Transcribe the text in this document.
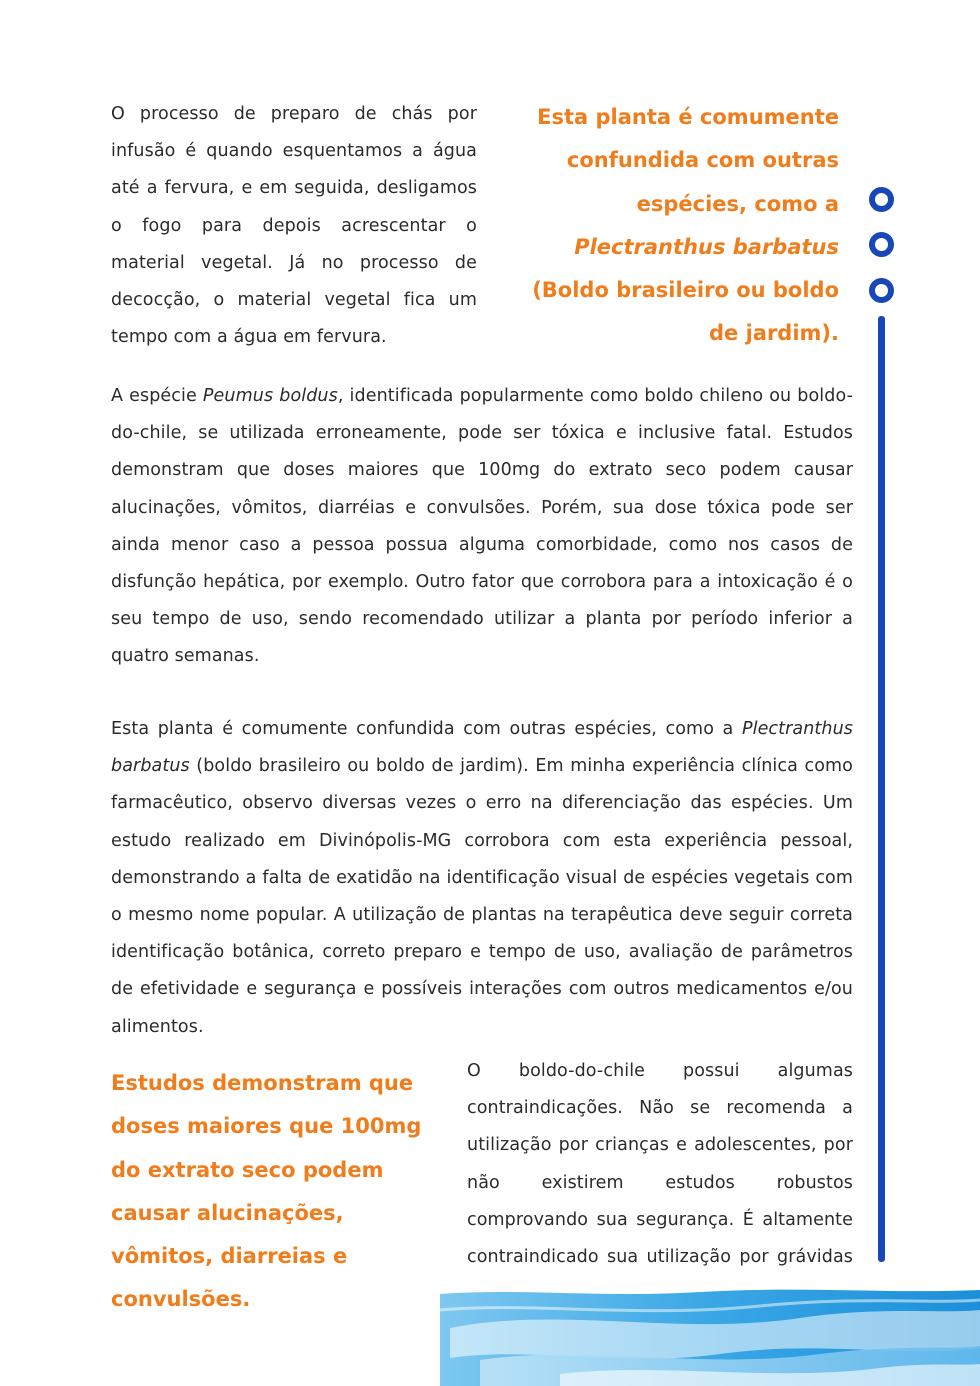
O processo de preparo de chás por infusão é quando esquentamos a água até a fervura, e em seguida, desligamos o fogo para depois acrescentar o material vegetal. Já no processo de decocção, o material vegetal fica um tempo com a água em fervura.

Esta planta é comumente confundida com outras espécies, como a Plectranthus barbatus (Boldo brasileiro ou boldo de jardim).

A espécie Peumus boldus, identificada popularmente como boldo chileno ou boldo-do-chile, se utilizada erroneamente, pode ser tóxica e inclusive fatal. Estudos demonstram que doses maiores que 100mg do extrato seco podem causar alucinações, vômitos, diarréias e convulsões. Porém, sua dose tóxica pode ser ainda menor caso a pessoa possua alguma comorbidade, como nos casos de disfunção hepática, por exemplo. Outro fator que corrobora para a intoxicação é o seu tempo de uso, sendo recomendado utilizar a planta por período inferior a quatro semanas.

Esta planta é comumente confundida com outras espécies, como a Plectranthus barbatus (boldo brasileiro ou boldo de jardim). Em minha experiência clínica como farmacêutico, observo diversas vezes o erro na diferenciação das espécies. Um estudo realizado em Divinópolis-MG corrobora com esta experiência pessoal, demonstrando a falta de exatidão na identificação visual de espécies vegetais com o mesmo nome popular. A utilização de plantas na terapêutica deve seguir correta identificação botânica, correto preparo e tempo de uso, avaliação de parâmetros de efetividade e segurança e possíveis interações com outros medicamentos e/ou alimentos.

Estudos demonstram que doses maiores que 100mg do extrato seco podem causar alucinações, vômitos, diarreias e convulsões.

O boldo-do-chile possui algumas contraindicações. Não se recomenda a utilização por crianças e adolescentes, por não existirem estudos robustos comprovando sua segurança. É altamente contraindicado sua utilização por grávidas
